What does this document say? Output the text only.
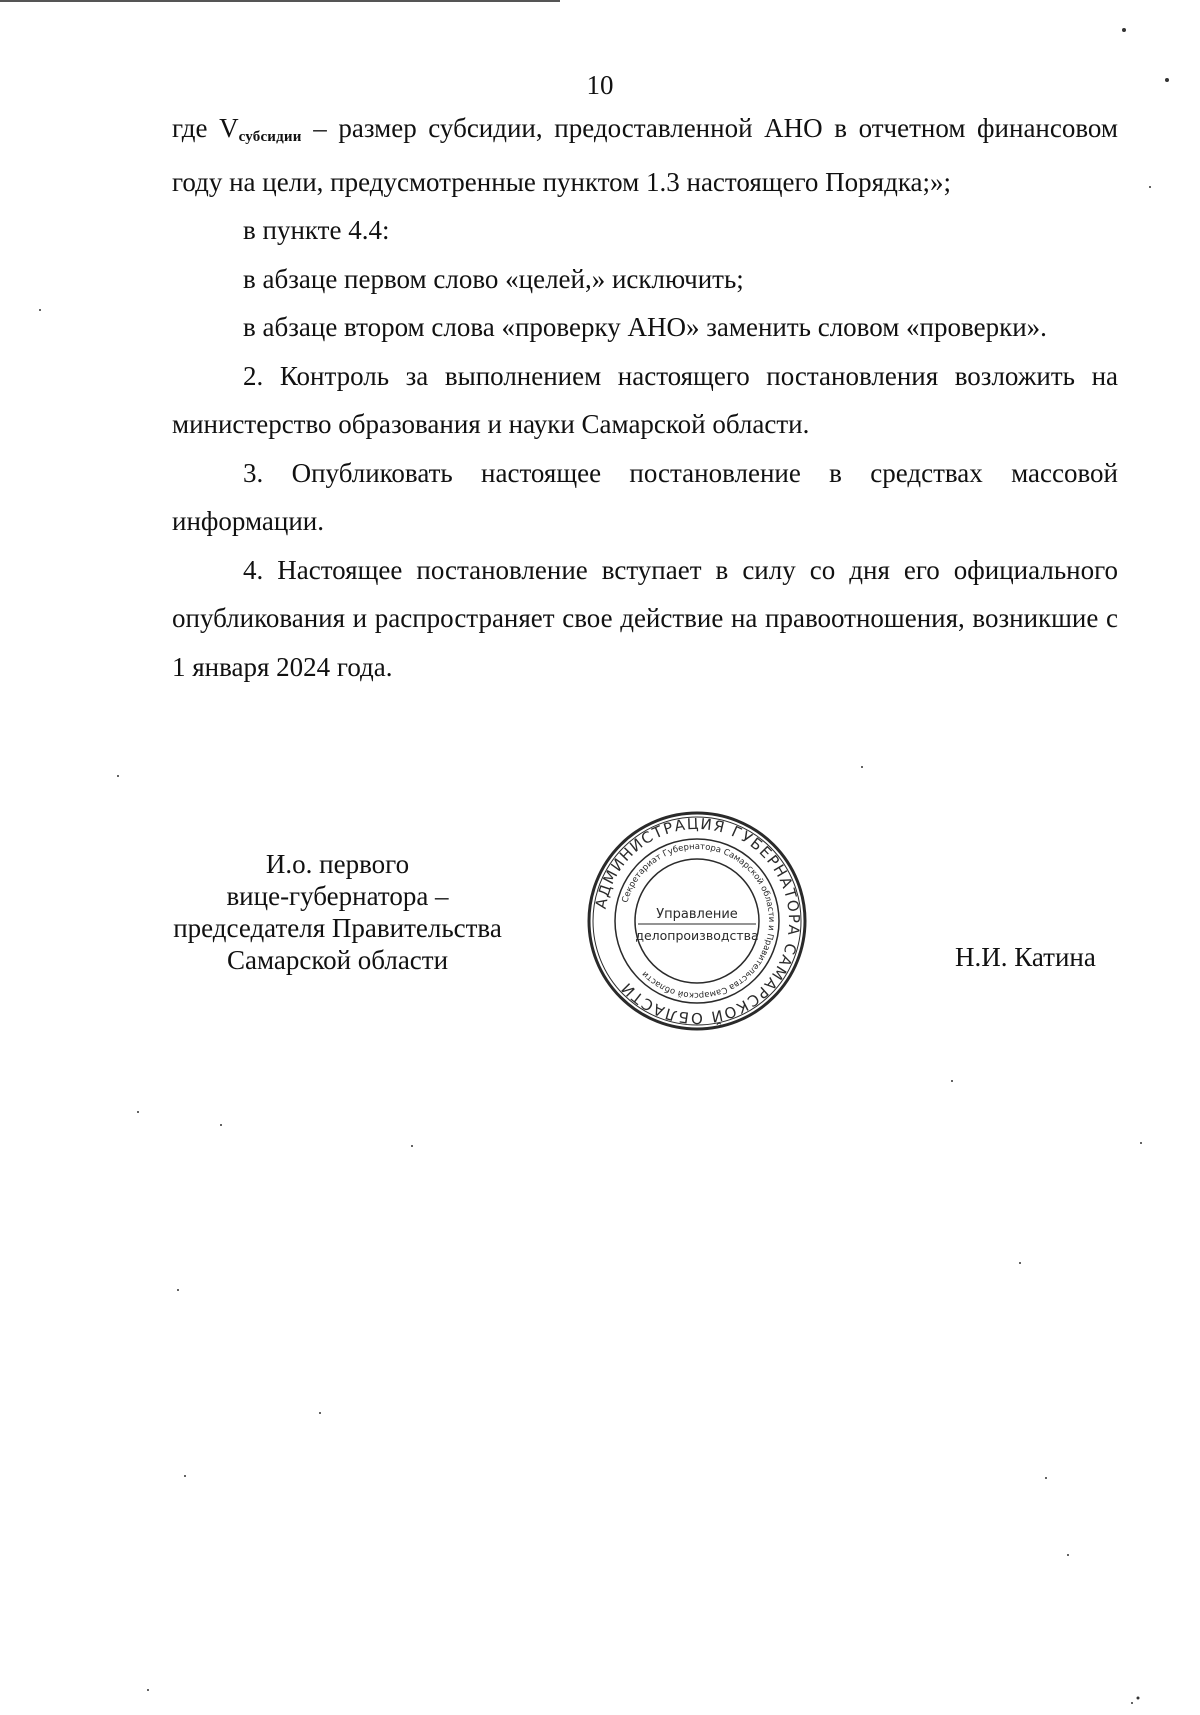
10

где Vсубсидии – размер субсидии, предоставленной АНО в отчетном финансовом году на цели, предусмотренные пунктом 1.3 настоящего Порядка;»;

в пункте 4.4:

в абзаце первом слово «целей,» исключить;

в абзаце втором слова «проверку АНО» заменить словом «проверки».

2. Контроль за выполнением настоящего постановления возложить на министерство образования и науки Самарской области.

3. Опубликовать настоящее постановление в средствах массовой информации.

4. Настоящее постановление вступает в силу со дня его официального опубликования и распространяет свое действие на правоотношения, возникшие с 1 января 2024 года.

И.о. первого
вице-губернатора –
председателя Правительства
Самарской области
АДМИНИСТРАЦИЯ ГУБЕРНАТОРА САМАРСКОЙ ОБЛАСТИ
Секретариат Губернатора Самарской области и Правительства Самарской области
Управление
делопроизводства
Н.И. Катина
